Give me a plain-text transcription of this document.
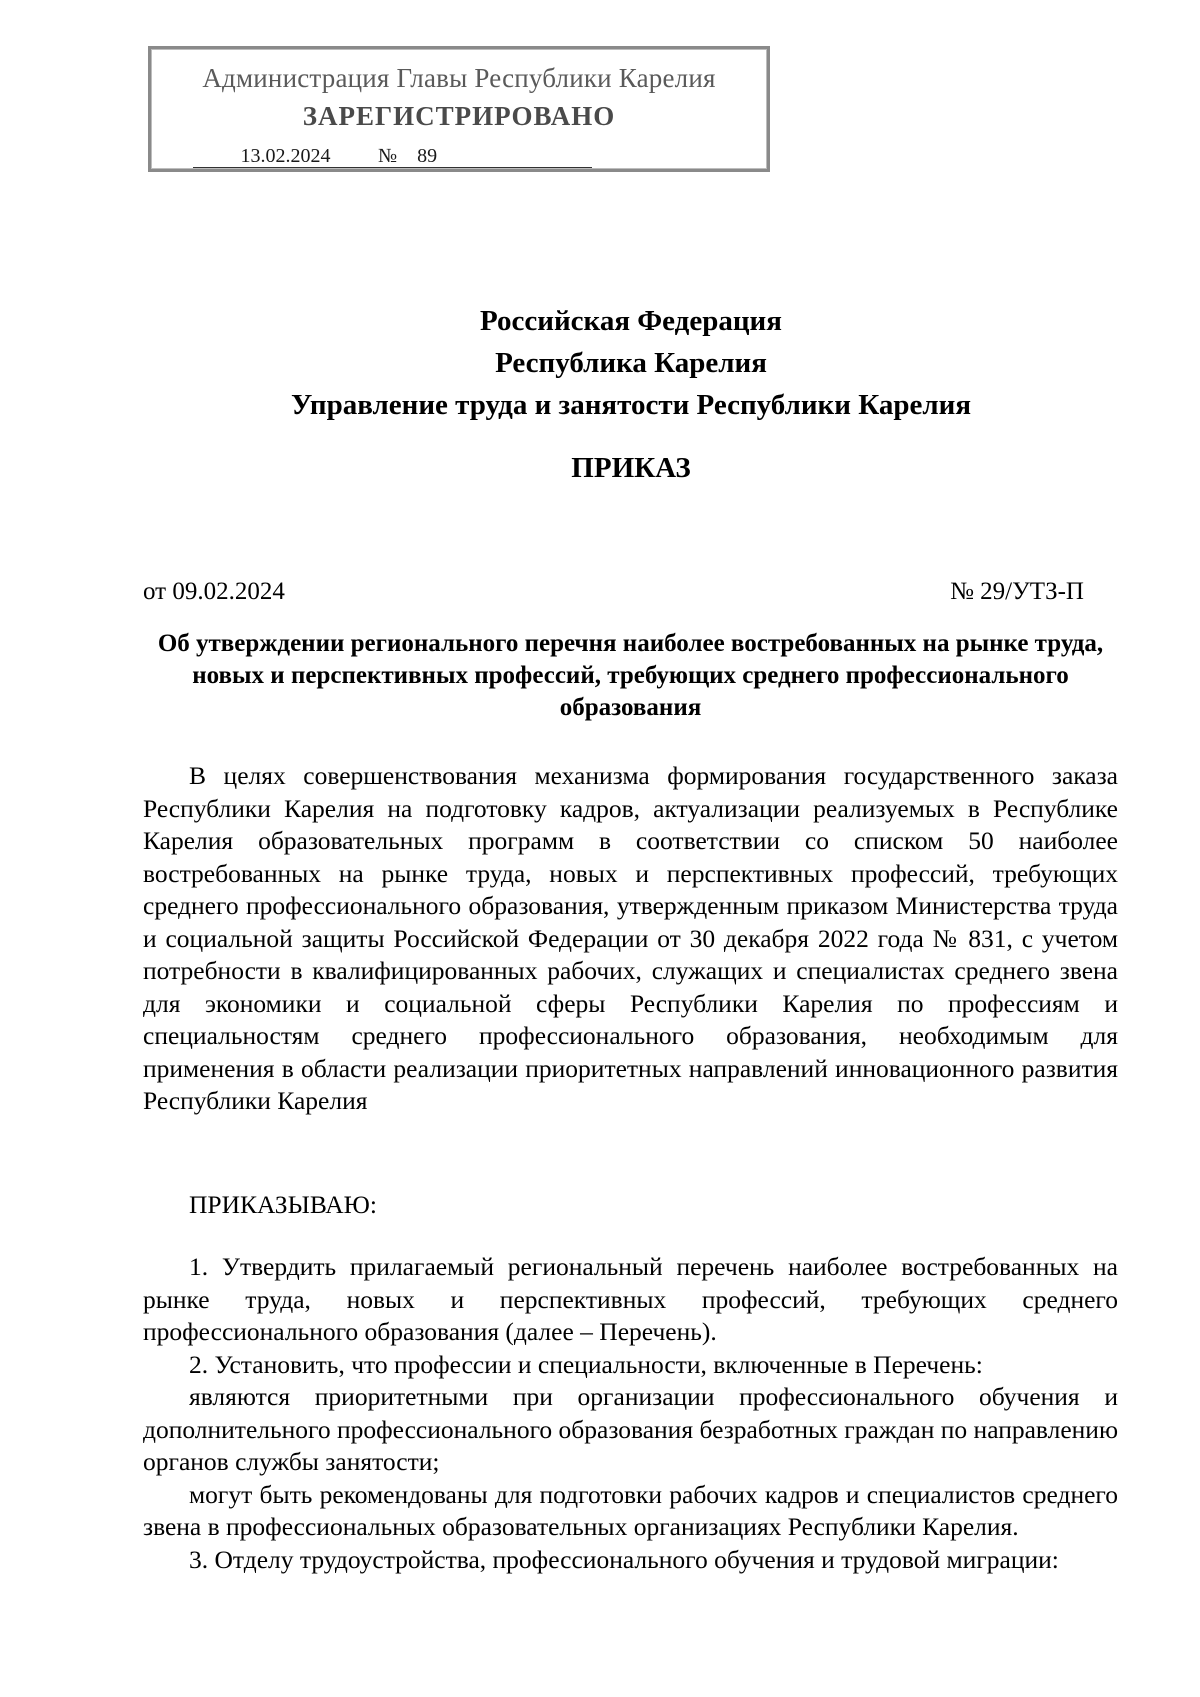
Администрация Главы Республики Карелия
ЗАРЕГИСТРИРОВАНО
13.02.2024 № 89
Российская Федерация
Республика Карелия
Управление труда и занятости Республики Карелия
ПРИКАЗ
от 09.02.2024	№ 29/УТЗ-П
Об утверждении регионального перечня наиболее востребованных на рынке труда, новых и перспективных профессий, требующих среднего профессионального образования

В целях совершенствования механизма формирования государственного заказа Республики Карелия на подготовку кадров, актуализации реализуемых в Республике Карелия образовательных программ в соответствии со списком 50 наиболее востребованных на рынке труда, новых и перспективных профессий, требующих среднего профессионального образования, утвержденным приказом Министерства труда и социальной защиты Российской Федерации от 30 декабря 2022 года № 831, с учетом потребности в квалифицированных рабочих, служащих и специалистах среднего звена для экономики и социальной сферы Республики Карелия по профессиям и специальностям среднего профессионального образования, необходимым для применения в области реализации приоритетных направлений инновационного развития Республики Карелия

ПРИКАЗЫВАЮ:

1. Утвердить прилагаемый региональный перечень наиболее востребованных на рынке труда, новых и перспективных профессий, требующих среднего профессионального образования (далее – Перечень).

2. Установить, что профессии и специальности, включенные в Перечень:

являются приоритетными при организации профессионального обучения и дополнительного профессионального образования безработных граждан по направлению органов службы занятости;

могут быть рекомендованы для подготовки рабочих кадров и специалистов среднего звена в профессиональных образовательных организациях Республики Карелия.

3. Отделу трудоустройства, профессионального обучения и трудовой миграции:
